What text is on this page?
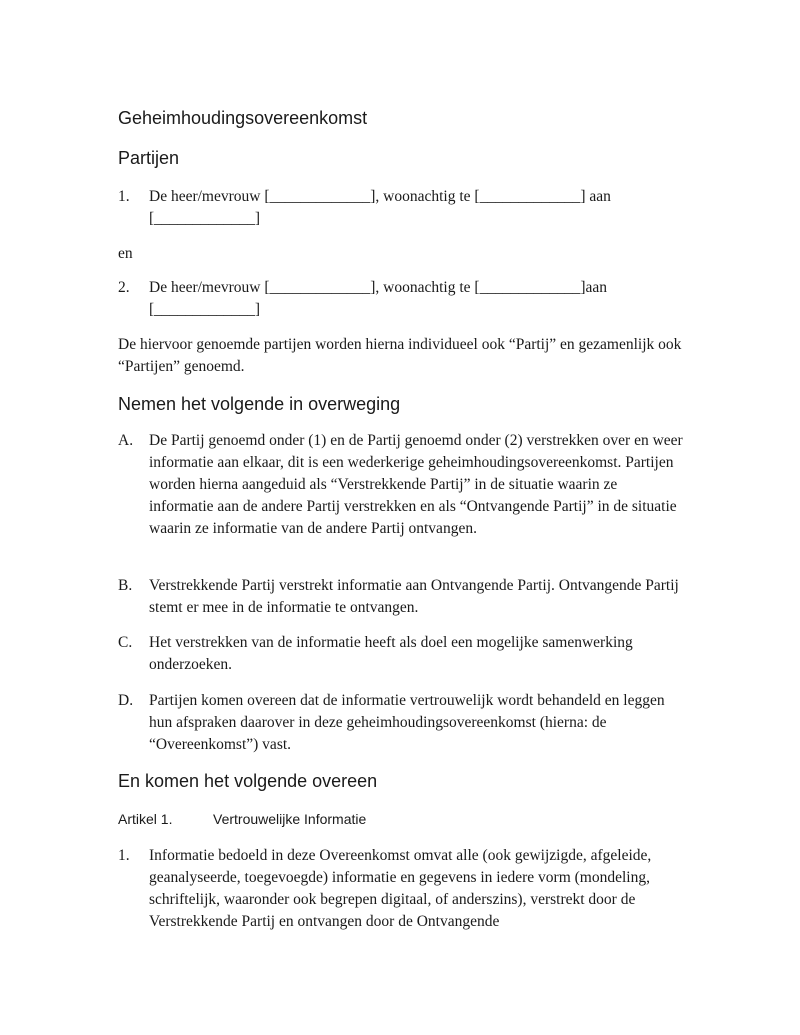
Geheimhoudingsovereenkomst
Partijen
1. De heer/mevrouw [_____________], woonachtig te [_____________] aan
[_____________]

en

2. De heer/mevrouw [_____________], woonachtig te [_____________]aan
[_____________]

De hiervoor genoemde partijen worden hierna individueel ook “Partij” en gezamenlijk ook “Partijen” genoemd.

Nemen het volgende in overweging
A. De Partij genoemd onder (1) en de Partij genoemd onder (2) verstrekken over en weer informatie aan elkaar, dit is een wederkerige geheimhoudingsovereenkomst. Partijen worden hierna aangeduid als “Verstrekkende Partij” in de situatie waarin ze informatie aan de andere Partij verstrekken en als “Ontvangende Partij” in de situatie waarin ze informatie van de andere Partij ontvangen.

B. Verstrekkende Partij verstrekt informatie aan Ontvangende Partij. Ontvangende Partij stemt er mee in de informatie te ontvangen.

C. Het verstrekken van de informatie heeft als doel een mogelijke samenwerking onderzoeken.

D. Partijen komen overeen dat de informatie vertrouwelijk wordt behandeld en leggen hun afspraken daarover in deze geheimhoudingsovereenkomst (hierna: de “Overeenkomst”) vast.

En komen het volgende overeen
Artikel 1.	Vertrouwelijke Informatie
1. Informatie bedoeld in deze Overeenkomst omvat alle (ook gewijzigde, afgeleide, geanalyseerde, toegevoegde) informatie en gegevens in iedere vorm (mondeling, schriftelijk, waaronder ook begrepen digitaal, of anderszins), verstrekt door de Verstrekkende Partij en ontvangen door de Ontvangende
